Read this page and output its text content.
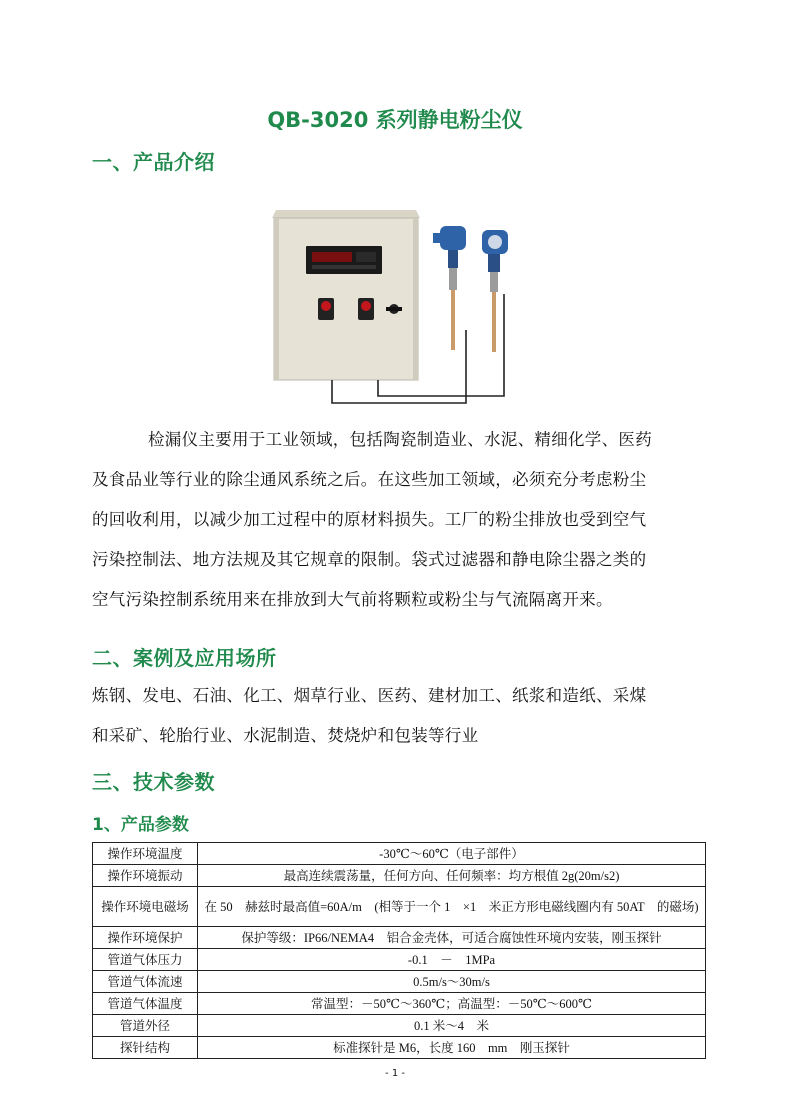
QB-3020 系列静电粉尘仪
一、产品介绍
检漏仪主要用于工业领域，包括陶瓷制造业、水泥、精细化学、医药
及食品业等行业的除尘通风系统之后。在这些加工领域，必须充分考虑粉尘
的回收利用，以减少加工过程中的原材料损失。工厂的粉尘排放也受到空气
污染控制法、地方法规及其它规章的限制。袋式过滤器和静电除尘器之类的
空气污染控制系统用来在排放到大气前将颗粒或粉尘与气流隔离开来。
二、案例及应用场所
炼钢、发电、石油、化工、烟草行业、医药、建材加工、纸浆和造纸、采煤
和采矿、轮胎行业、水泥制造、焚烧炉和包装等行业
三、技术参数
1、产品参数
操作环境温度	-30℃～60℃（电子部件）
操作环境振动	最高连续震荡量，任何方向、任何频率：均方根值 2g(20m/s2)
操作环境电磁场	在 50　赫兹时最高值=60A/m　(相等于一个 1　×1　米正方形电磁线圈内有 50AT　的磁场)
操作环境保护	保护等级：IP66/NEMA4　铝合金壳体，可适合腐蚀性环境内安装，刚玉探针
管道气体压力	-0.1　－　1MPa
管道气体流速	0.5m/s～30m/s
管道气体温度	常温型：－50℃～360℃；高温型：－50℃～600℃
管道外径	0.1 米～4　米
探针结构	标准探针是 M6，长度 160　mm　刚玉探针
- 1 -
